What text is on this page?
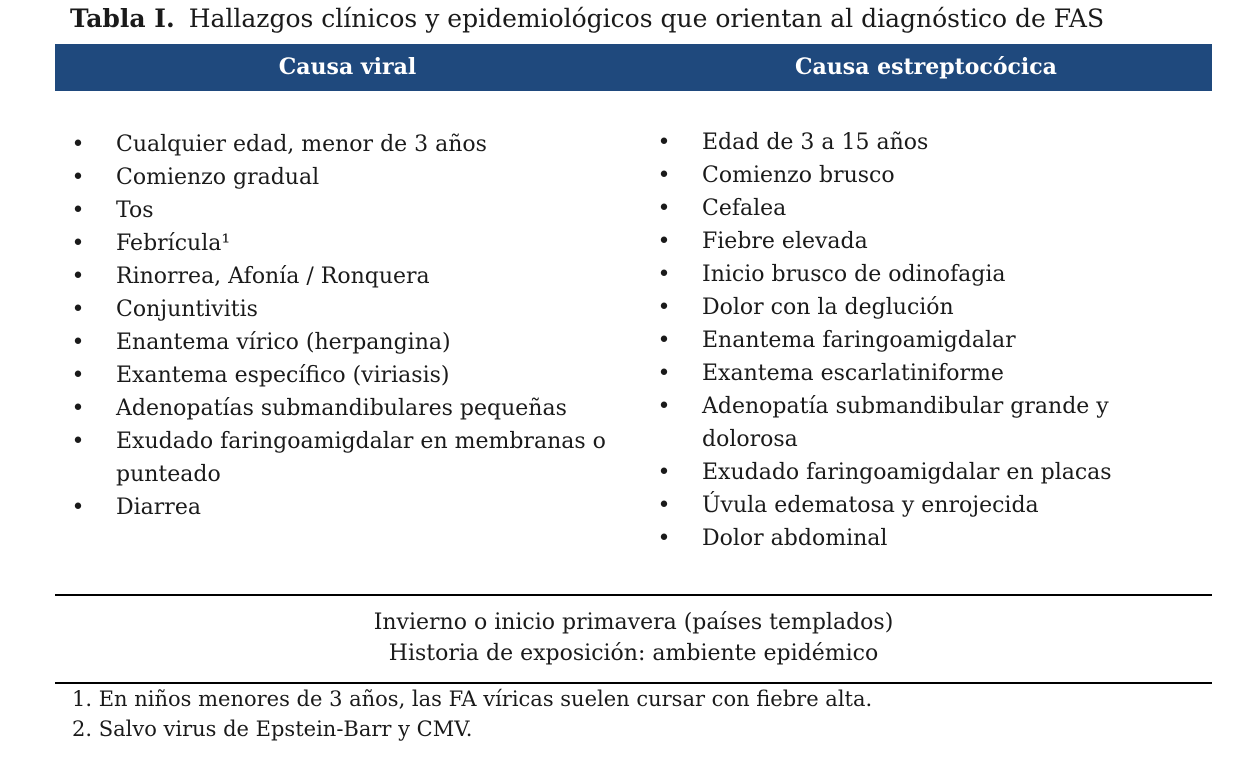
Tabla I. Hallazgos clínicos y epidemiológicos que orientan al diagnóstico de FAS
Causa viral	Causa estreptocócica
• Cualquier edad, menor de 3 años
• Comienzo gradual
• Tos
• Febrícula¹
• Rinorrea, Afonía / Ronquera
• Conjuntivitis
• Enantema vírico (herpangina)
• Exantema específico (viriasis)
• Adenopatías submandibulares pequeñas
• Exudado faringoamigdalar en membranas o punteado
• Diarrea
• Edad de 3 a 15 años
• Comienzo brusco
• Cefalea
• Fiebre elevada
• Inicio brusco de odinofagia
• Dolor con la deglución
• Enantema faringoamigdalar
• Exantema escarlatiniforme
• Adenopatía submandibular grande y dolorosa
• Exudado faringoamigdalar en placas
• Úvula edematosa y enrojecida
• Dolor abdominal
Invierno o inicio primavera (países templados)
Historia de exposición: ambiente epidémico
1. En niños menores de 3 años, las FA víricas suelen cursar con fiebre alta.
2. Salvo virus de Epstein-Barr y CMV.
